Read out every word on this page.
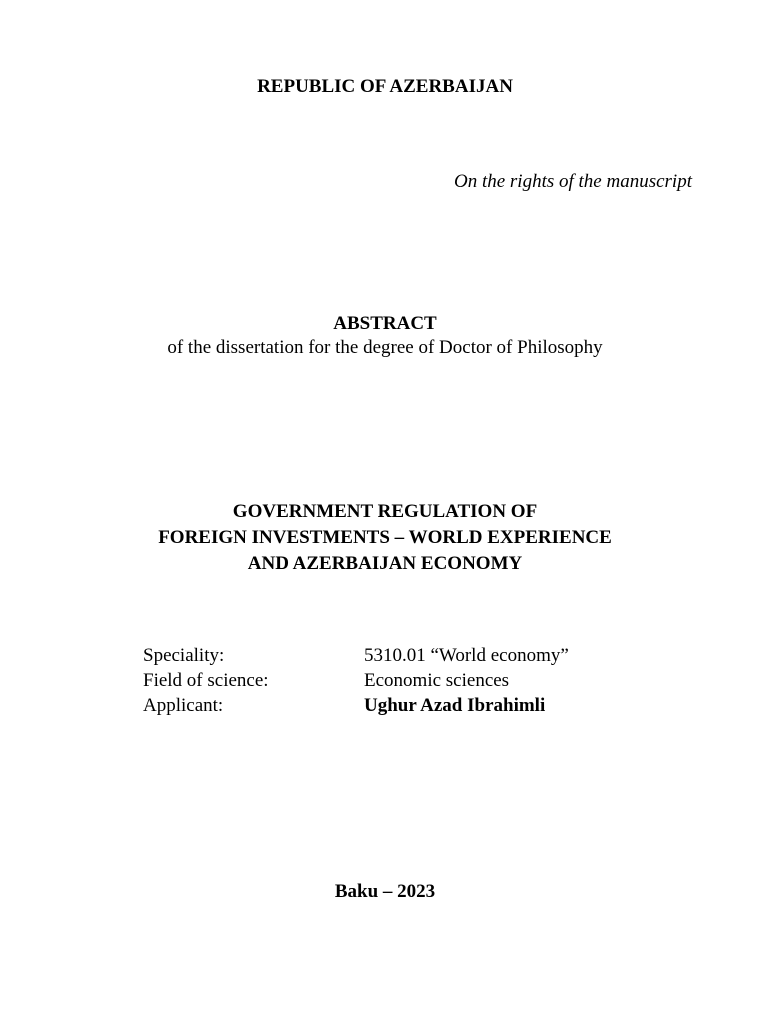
REPUBLIC OF AZERBAIJAN
On the rights of the manuscript
ABSTRACT
of the dissertation for the degree of Doctor of Philosophy
GOVERNMENT REGULATION OF
FOREIGN INVESTMENTS – WORLD EXPERIENCE
AND AZERBAIJAN ECONOMY
Speciality:	5310.01 “World economy”
Field of science:	Economic sciences
Applicant:	Ughur Azad Ibrahimli
Baku – 2023
